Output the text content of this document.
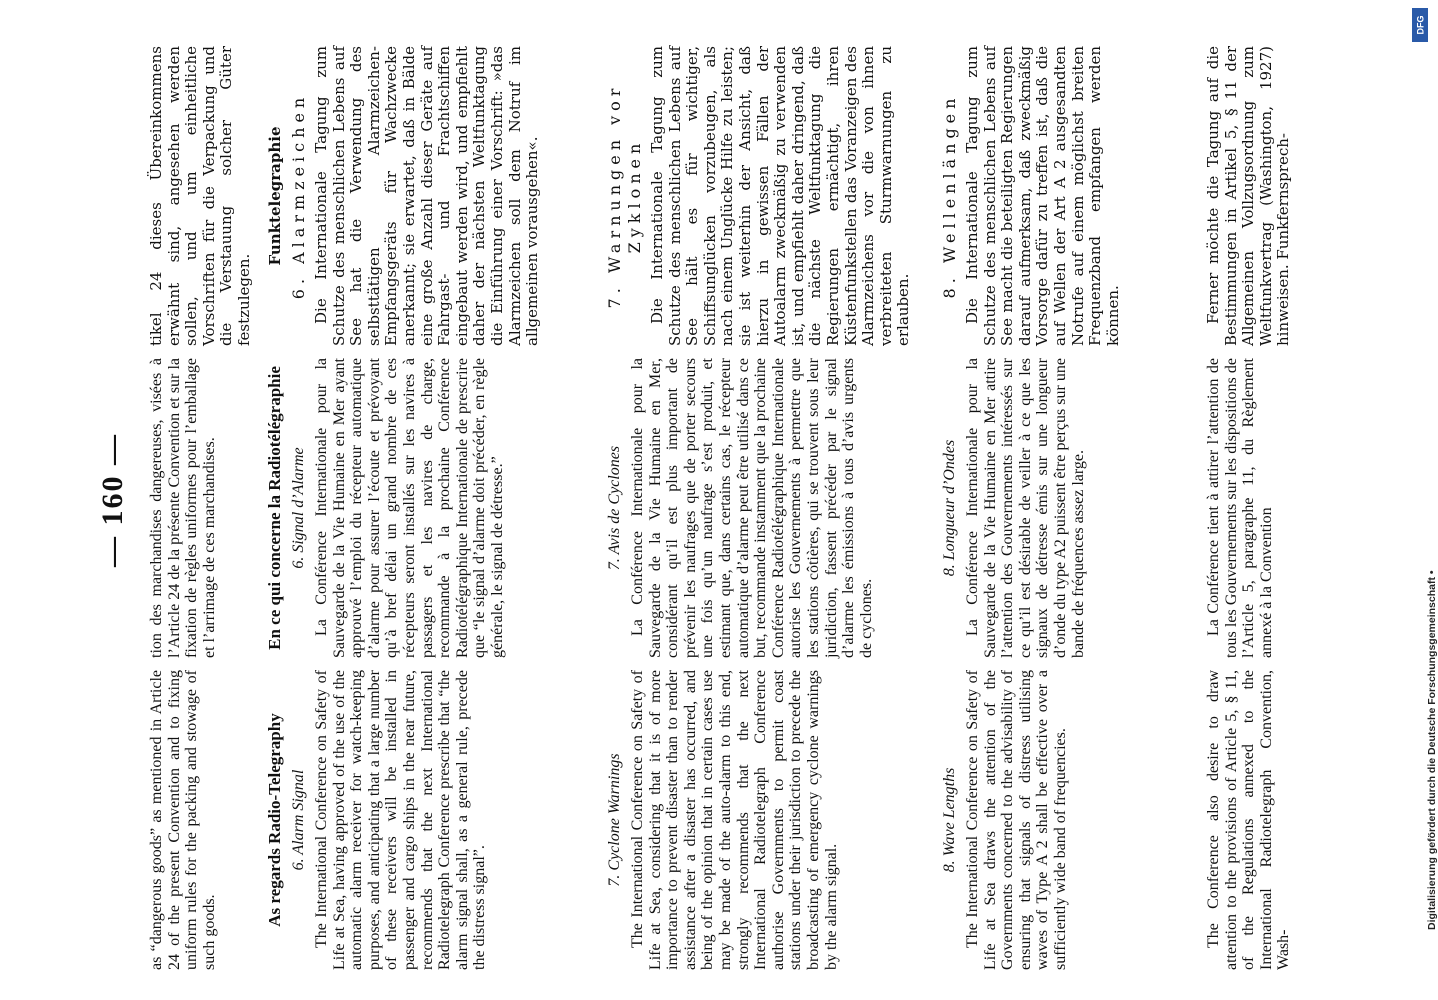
— 160 —

as “dangerous goods” as mentioned in Article 24 of the present Convention and to fixing uniform rules for the packing and stowage of such goods.

tion des marchandises dangereuses, visées à l’Article 24 de la présente Convention et sur la fixation de règles uniformes pour l’emballage et l’arrimage de ces marchandises.

tikel 24 dieses Übereinkommens erwähnt sind, angesehen werden sollen, und um einheitliche Vorschriften für die Verpackung und die Verstauung solcher Güter festzulegen.

As regards Radio-Telegraphy 6. Alarm Signal The International Conference on Safety of Life at Sea, having approved of the use of the automatic alarm receiver for watch-keeping purposes, and anticipating that a large number of these receivers will be installed in passenger and cargo ships in the near future, recommends that the next International Radiotelegraph Conference prescribe that “the alarm signal shall, as a general rule, precede the distress signal”.

En ce qui concerne la Radiotélégraphie 6. Signal d’Alarme La Conférence Internationale pour la Sauvegarde de la Vie Humaine en Mer ayant approuvé l’emploi du récepteur automatique d’alarme pour assurer l’écoute et prévoyant qu’à bref délai un grand nombre de ces récepteurs seront installés sur les navires à passagers et les navires de charge, recommande à la prochaine Conférence Radiotélégraphique Internationale de prescrire que “le signal d’alarme doit précéder, en règle générale, le signal de détresse.”

Funktelegraphie 6. Alarmzeichen Die Internationale Tagung zum Schutze des menschlichen Lebens auf See hat die Verwendung des selbsttätigen Alarmzeichen-Empfangsgeräts für Wachzwecke anerkannt; sie erwartet, daß in Bälde eine große Anzahl dieser Geräte auf Fahrgast- und Frachtschiffen eingebaut werden wird, und empfiehlt daher der nächsten Weltfunktagung die Einführung einer Vorschrift: »das Alarmzeichen soll dem Notruf im allgemeinen vorausgehen«.

7. Cyclone Warnings The International Conference on Safety of Life at Sea, considering that it is of more importance to prevent disaster than to render assistance after a disaster has occurred, and being of the opinion that in certain cases use may be made of the auto-alarm to this end, strongly recommends that the next International Radiotelegraph Conference authorise Governments to permit coast stations under their jurisdiction to precede the broadcasting of emergency cyclone warnings by the alarm signal.

7. Avis de Cyclones La Conférence Internationale pour la Sauvegarde de la Vie Humaine en Mer, considérant qu’il est plus important de prévenir les naufrages que de porter secours une fois qu’un naufrage s’est produit, et estimant que, dans certains cas, le récepteur automatique d’alarme peut être utilisé dans ce but, recommande instamment que la prochaine Conférence Radiotélégraphique Internationale autorise les Gouvernements à permettre que les stations côtières, qui se trouvent sous leur juridiction, fassent précéder par le signal d’alarme les émissions à tous d’avis urgents de cyclones.

7. Warnungen vor Zyklonen Die Internationale Tagung zum Schutze des menschlichen Lebens auf See hält es für wichtiger, Schiffsunglücken vorzubeugen, als nach einem Unglücke Hilfe zu leisten; sie ist weiterhin der Ansicht, daß hierzu in gewissen Fällen der Autoalarm zweckmäßig zu verwenden ist, und empfiehlt daher dringend, daß die nächste Weltfunktagung die Regierungen ermächtigt, ihren Küstenfunkstellen das Voranzeigen des Alarmzeichens vor die von ihnen verbreiteten Sturmwarnungen zu erlauben.

8. Wave Lengths The International Conference on Safety of Life at Sea draws the attention of the Governments concerned to the advisability of ensuring that signals of distress utilising waves of Type A 2 shall be effective over a sufficiently wide band of frequencies.

8. Longueur d’Ondes La Conférence Internationale pour la Sauvegarde de la Vie Humaine en Mer attire l’attention des Gouvernements intéressés sur ce qu’il est désirable de veiller à ce que les signaux de détresse émis sur une longueur d’onde du type A2 puissent être perçus sur une bande de fréquences assez large.

8. Wellenlängen Die Internationale Tagung zum Schutze des menschlichen Lebens auf See macht die beteiligten Regierungen darauf aufmerksam, daß zweckmäßig Vorsorge dafür zu treffen ist, daß die auf Wellen der Art A 2 ausgesandten Notrufe auf einem möglichst breiten Frequenzband empfangen werden können.

The Conference also desire to draw attention to the provisions of Article 5, § 11, of the Regulations annexed to the International Radiotelegraph Convention, Wash-

La Conférence tient à attirer l’attention de tous les Gouvernements sur les dispositions de l’Article 5, paragraphe 11, du Règlement annexé à la Convention

Ferner möchte die Tagung auf die Bestimmungen in Artikel 5, § 11 der Allgemeinen Vollzugsordnung zum Weltfunkvertrag (Washington, 1927) hinweisen. Funkfernsprech-

DFG
Digitalisierung gefördert durch die Deutsche Forschungsgemeinschaft •
